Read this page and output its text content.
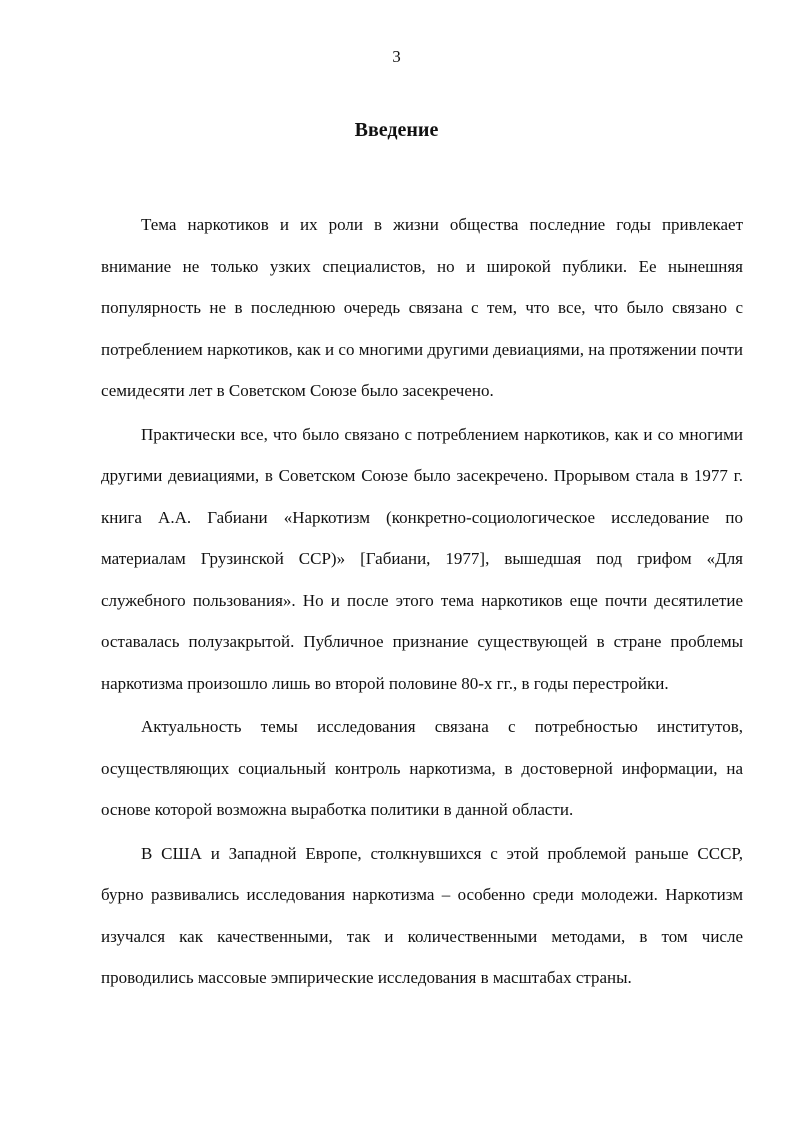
3
Введение

Тема наркотиков и их роли в жизни общества последние годы привлекает внимание не только узких специалистов, но и широкой публики. Ее нынешняя популярность не в последнюю очередь связана с тем, что все, что было связано с потреблением наркотиков, как и со многими другими девиациями, на протяжении почти семидесяти лет в Советском Союзе было засекречено.

Практически все, что было связано с потреблением наркотиков, как и со многими другими девиациями, в Советском Союзе было засекречено. Прорывом стала в 1977 г. книга А.А. Габиани «Наркотизм (конкретно-социологическое исследование по материалам Грузинской ССР)» [Габиани, 1977], вышедшая под грифом «Для служебного пользования». Но и после этого тема наркотиков еще почти десятилетие оставалась полузакрытой. Публичное признание существующей в стране проблемы наркотизма произошло лишь во второй половине 80-х гг., в годы перестройки.

Актуальность темы исследования связана с потребностью институтов, осуществляющих социальный контроль наркотизма, в достоверной информации, на основе которой возможна выработка политики в данной области.

В США и Западной Европе, столкнувшихся с этой проблемой раньше СССР, бурно развивались исследования наркотизма – особенно среди молодежи. Наркотизм изучался как качественными, так и количественными методами, в том числе проводились массовые эмпирические исследования в масштабах страны.
